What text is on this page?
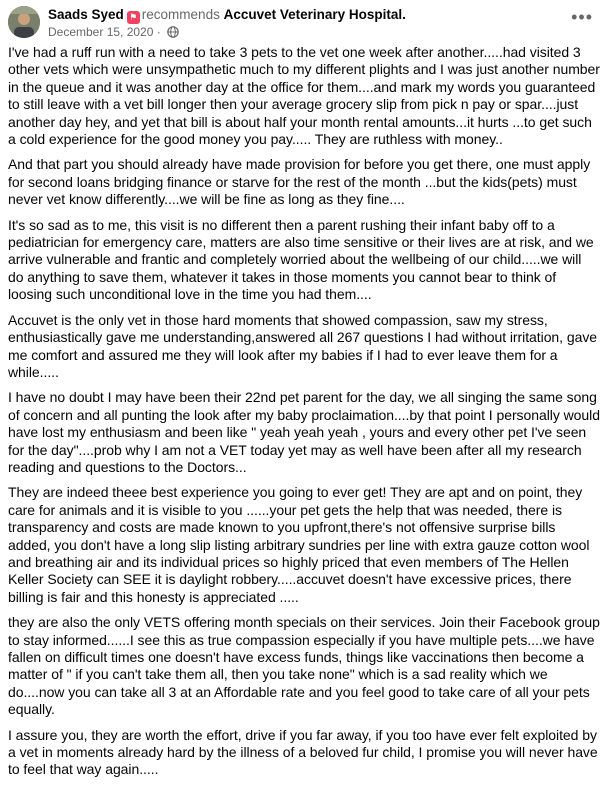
Saads Syed ⚑ recommends Accuvet Veterinary Hospital.
December 15, 2020 ·
•••

I've had a ruff run with a need to take 3 pets to the vet one week after another.....had visited 3 other vets which were unsympathetic much to my different plights and I was just another number in the queue and it was another day at the office for them....and mark my words you guaranteed to still leave with a vet bill longer then your average grocery slip from pick n pay or spar....just another day hey, and yet that bill is about half your month rental amounts...it hurts ...to get such a cold experience for the good money you pay..... They are ruthless with money..

And that part you should already have made provision for before you get there, one must apply for second loans bridging finance or starve for the rest of the month ...but the kids(pets) must never vet know differently....we will be fine as long as they fine....

It's so sad as to me, this visit is no different then a parent rushing their infant baby off to a pediatrician for emergency care, matters are also time sensitive or their lives are at risk, and we arrive vulnerable and frantic and completely worried about the wellbeing of our child.....we will do anything to save them, whatever it takes in those moments you cannot bear to think of loosing such unconditional love in the time you had them....

Accuvet is the only vet in those hard moments that showed compassion, saw my stress, enthusiastically gave me understanding,answered all 267 questions I had without irritation, gave me comfort and assured me they will look after my babies if I had to ever leave them for a while.....

I have no doubt I may have been their 22nd pet parent for the day, we all singing the same song of concern and all punting the look after my baby proclaimation....by that point I personally would have lost my enthusiasm and been like " yeah yeah yeah , yours and every other pet I've seen for the day"....prob why I am not a VET today yet may as well have been after all my research reading and questions to the Doctors...

They are indeed theee best experience you going to ever get! They are apt and on point, they care for animals and it is visible to you ......your pet gets the help that was needed, there is transparency and costs are made known to you upfront,there's not offensive surprise bills added, you don't have a long slip listing arbitrary sundries per line with extra gauze cotton wool and breathing air and its individual prices so highly priced that even members of The Hellen Keller Society can SEE it is daylight robbery.....accuvet doesn't have excessive prices, there billing is fair and this honesty is appreciated .....

they are also the only VETS offering month specials on their services. Join their Facebook group to stay informed......I see this as true compassion especially if you have multiple pets....we have fallen on difficult times one doesn't have excess funds, things like vaccinations then become a matter of " if you can't take them all, then you take none" which is a sad reality which we do....now you can take all 3 at an Affordable rate and you feel good to take care of all your pets equally.

I assure you, they are worth the effort, drive if you far away, if you too have ever felt exploited by a vet in moments already hard by the illness of a beloved fur child, I promise you will never have to feel that way again.....
